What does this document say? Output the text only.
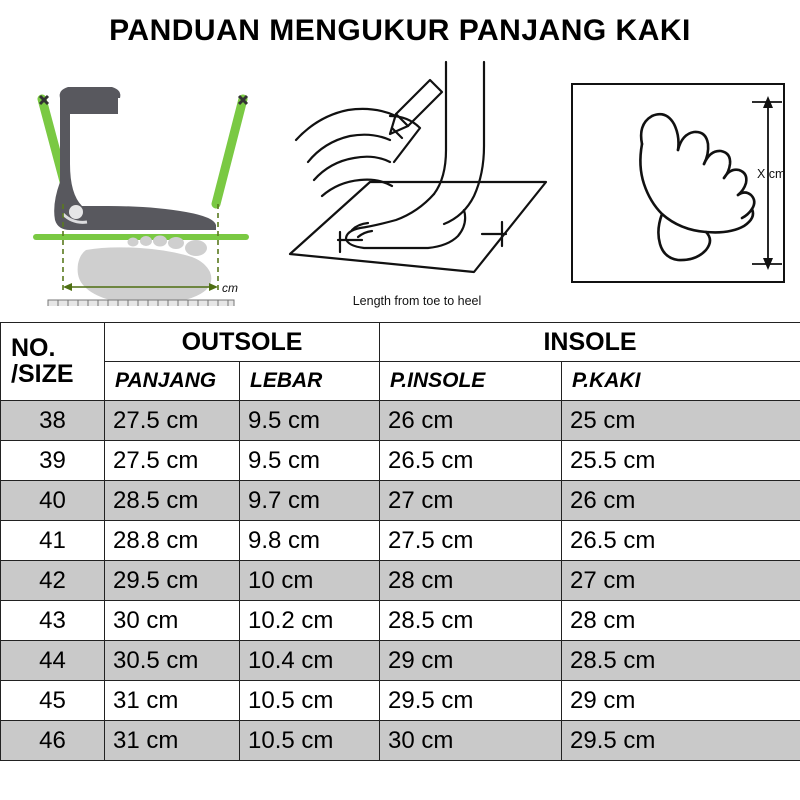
PANDUAN MENGUKUR PANJANG KAKI
cm
Length from toe to heel
X cm
NO.
/SIZE	OUTSOLE		INSOLE	
	PANJANG	LEBAR	P.INSOLE	P.KAKI
38	27.5 cm	9.5 cm	26 cm	25 cm
39	27.5 cm	9.5 cm	26.5 cm	25.5 cm
40	28.5 cm	9.7 cm	27 cm	26 cm
41	28.8 cm	9.8 cm	27.5 cm	26.5 cm
42	29.5 cm	10 cm	28 cm	27 cm
43	30 cm	10.2 cm	28.5 cm	28 cm
44	30.5 cm	10.4 cm	29 cm	28.5 cm
45	31 cm	10.5 cm	29.5 cm	29 cm
46	31 cm	10.5 cm	30 cm	29.5 cm
